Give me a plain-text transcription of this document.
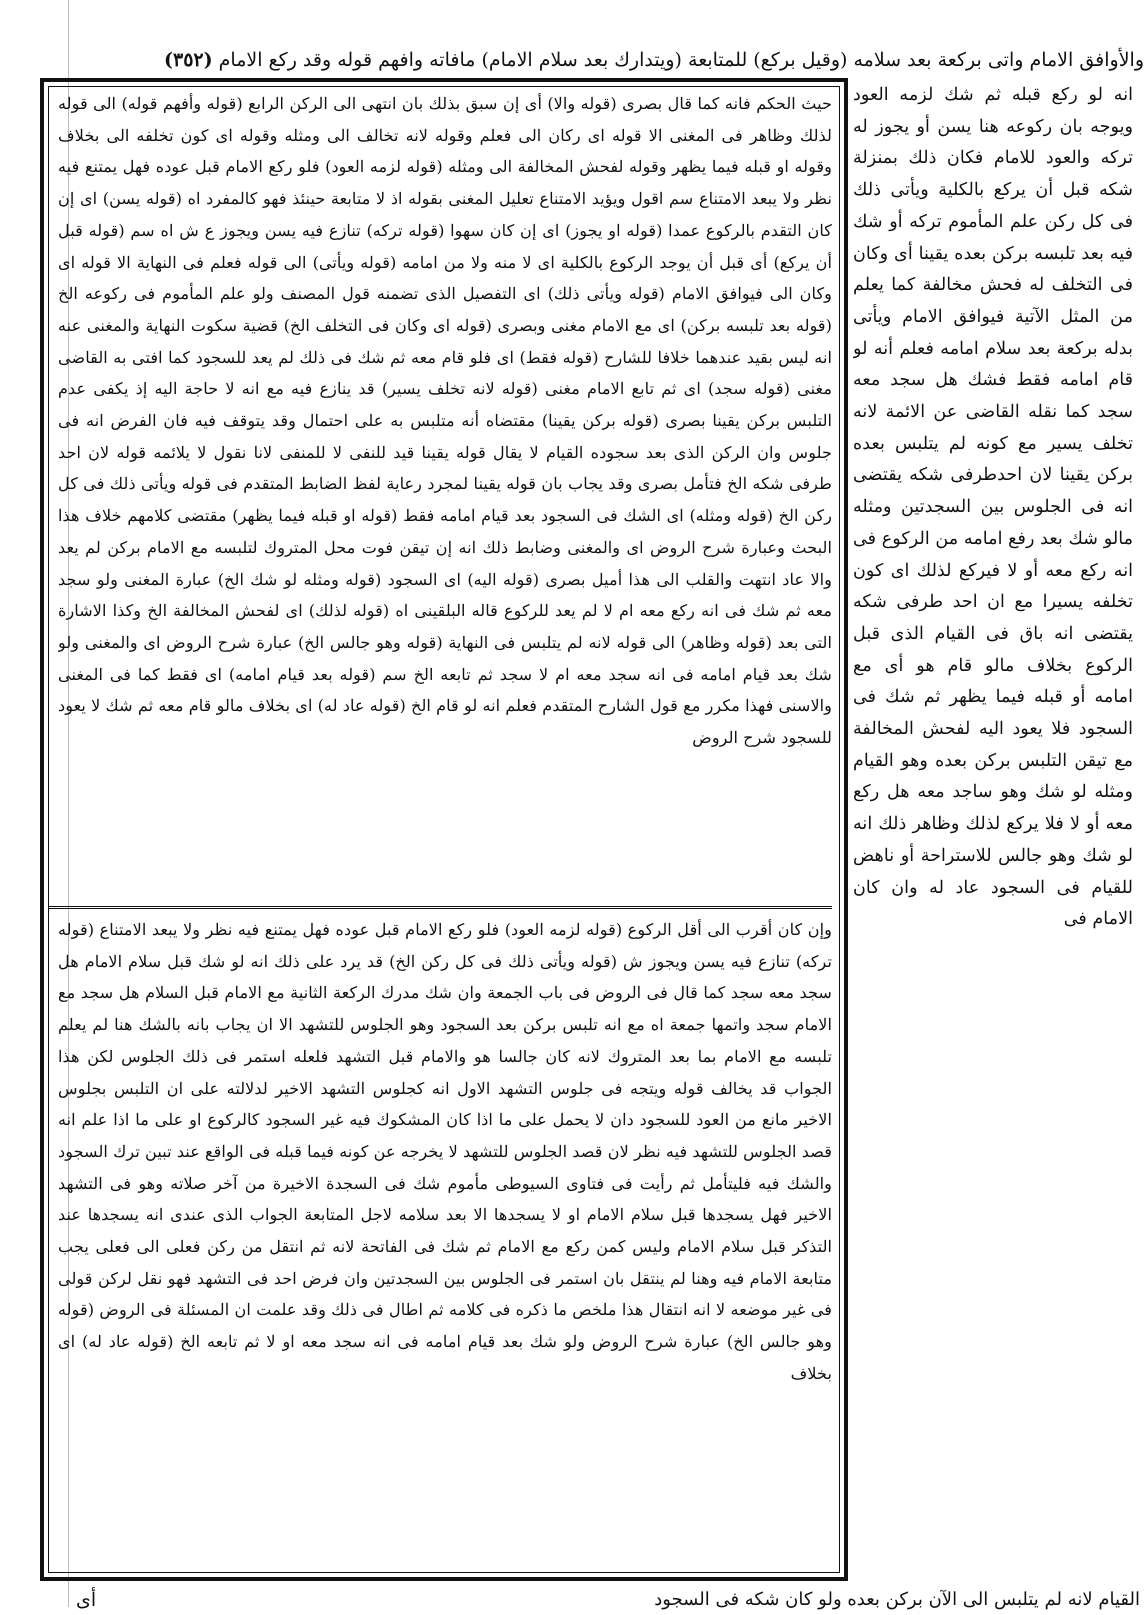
والأوافق الامام واتى بركعة بعد سلامه (وقيل بركع) للمتابعة (ويتدارك بعد سلام الامام) مافاته وافهم قوله وقد ركع الامام (٣٥٢)
حيث الحكم فانه كما قال بصرى (قوله والا) أى إن سبق بذلك بان انتهى الى الركن الرابع (قوله وأفهم قوله) الى قوله لذلك وظاهر فى المغنى الا قوله اى ركان الى فعلم وقوله لانه تخالف الى ومثله وقوله اى كون تخلفه الى بخلاف وقوله او قبله فيما يظهر وقوله لفحش المخالفة الى ومثله (قوله لزمه العود) فلو ركع الامام قبل عوده فهل يمتنع فيه نظر ولا يبعد الامتناع سم اقول ويؤيد الامتناع تعليل المغنى بقوله اذ لا متابعة حينئذ فهو كالمفرد اه (قوله يسن) اى إن كان التقدم بالركوع عمدا (قوله او يجوز) اى إن كان سهوا (قوله تركه) تنازع فيه يسن ويجوز ع ش اه سم (قوله قبل أن يركع) أى قبل أن يوجد الركوع بالكلية اى لا منه ولا من امامه (قوله ويأتى) الى قوله فعلم فى النهاية الا قوله اى وكان الى فيوافق الامام (قوله ويأتى ذلك) اى التفصيل الذى تضمنه قول المصنف ولو علم المأموم فى ركوعه الخ (قوله بعد تلبسه بركن) اى مع الامام مغنى وبصرى (قوله اى وكان فى التخلف الخ) قضية سكوت النهاية والمغنى عنه انه ليس بقيد عندهما خلافا للشارح (قوله فقط) اى فلو قام معه ثم شك فى ذلك لم يعد للسجود كما افتى به القاضى مغنى (قوله سجد) اى ثم تابع الامام مغنى (قوله لانه تخلف يسير) قد ينازع فيه مع انه لا حاجة اليه إذ يكفى عدم التلبس بركن يقينا بصرى (قوله بركن يقينا) مقتضاه أنه متلبس به على احتمال وقد يتوقف فيه فان الفرض انه فى جلوس وان الركن الذى بعد سجوده القيام لا يقال قوله يقينا قيد للنفى لا للمنفى لانا نقول لا يلائمه قوله لان احد طرفى شكه الخ فتأمل بصرى وقد يجاب بان قوله يقينا لمجرد رعاية لفظ الضابط المتقدم فى قوله ويأتى ذلك فى كل ركن الخ (قوله ومثله) اى الشك فى السجود بعد قيام امامه فقط (قوله او قبله فيما يظهر) مقتضى كلامهم خلاف هذا البحث وعبارة شرح الروض اى والمغنى وضابط ذلك انه إن تيقن فوت محل المتروك لتلبسه مع الامام بركن لم يعد والا عاد انتهت والقلب الى هذا أميل بصرى (قوله اليه) اى السجود (قوله ومثله لو شك الخ) عبارة المغنى ولو سجد معه ثم شك فى انه ركع معه ام لا لم يعد للركوع قاله البلقينى اه (قوله لذلك) اى لفحش المخالفة الخ وكذا الاشارة التى بعد (قوله وظاهر) الى قوله لانه لم يتلبس فى النهاية (قوله وهو جالس الخ) عبارة شرح الروض اى والمغنى ولو شك بعد قيام امامه فى انه سجد معه ام لا سجد ثم تابعه الخ سم (قوله بعد قيام امامه) اى فقط كما فى المغنى والاسنى فهذا مكرر مع قول الشارح المتقدم فعلم انه لو قام الخ (قوله عاد له) اى بخلاف مالو قام معه ثم شك لا يعود للسجود شرح الروض
وإن كان أقرب الى أقل الركوع (قوله لزمه العود) فلو ركع الامام قبل عوده فهل يمتنع فيه نظر ولا يبعد الامتناع (قوله تركه) تنازع فيه يسن ويجوز ش (قوله ويأتى ذلك فى كل ركن الخ) قد يرد على ذلك انه لو شك قبل سلام الامام هل سجد معه سجد كما قال فى الروض فى باب الجمعة وان شك مدرك الركعة الثانية مع الامام قبل السلام هل سجد مع الامام سجد واتمها جمعة اه مع انه تلبس بركن بعد السجود وهو الجلوس للتشهد الا ان يجاب بانه بالشك هنا لم يعلم تلبسه مع الامام بما بعد المتروك لانه كان جالسا هو والامام قبل التشهد فلعله استمر فى ذلك الجلوس لكن هذا الجواب قد يخالف قوله ويتجه فى جلوس التشهد الاول انه كجلوس التشهد الاخير لدلالته على ان التلبس بجلوس الاخير مانع من العود للسجود دان لا يحمل على ما اذا كان المشكوك فيه غير السجود كالركوع او على ما اذا علم انه قصد الجلوس للتشهد فيه نظر لان قصد الجلوس للتشهد لا يخرجه عن كونه فيما قبله فى الواقع عند تبين ترك السجود والشك فيه فليتأمل ثم رأيت فى فتاوى السيوطى مأموم شك فى السجدة الاخيرة من آخر صلاته وهو فى التشهد الاخير فهل يسجدها قبل سلام الامام او لا يسجدها الا بعد سلامه لاجل المتابعة الجواب الذى عندى انه يسجدها عند التذكر قبل سلام الامام وليس كمن ركع مع الامام ثم شك فى الفاتحة لانه ثم انتقل من ركن فعلى الى فعلى يجب متابعة الامام فيه وهنا لم ينتقل بان استمر فى الجلوس بين السجدتين وان فرض احد فى التشهد فهو نقل لركن قولى فى غير موضعه لا انه انتقال هذا ملخص ما ذكره فى كلامه ثم اطال فى ذلك وقد علمت ان المسئلة فى الروض (قوله وهو جالس الخ) عبارة شرح الروض ولو شك بعد قيام امامه فى انه سجد معه او لا ثم تابعه الخ (قوله عاد له) اى بخلاف
انه لو ركع قبله ثم شك لزمه العود ويوجه بان ركوعه هنا يسن أو يجوز له تركه والعود للامام فكان ذلك بمنزلة شكه قبل أن يركع بالكلية ويأتى ذلك فى كل ركن علم المأموم تركه أو شك فيه بعد تلبسه بركن بعده يقينا أى وكان فى التخلف له فحش مخالفة كما يعلم من المثل الآتية فيوافق الامام ويأتى بدله بركعة بعد سلام امامه فعلم أنه لو قام امامه فقط فشك هل سجد معه سجد كما نقله القاضى عن الائمة لانه تخلف يسير مع كونه لم يتلبس بعده بركن يقينا لان احدطرفى شكه يقتضى انه فى الجلوس بين السجدتين ومثله مالو شك بعد رفع امامه من الركوع فى انه ركع معه أو لا فيركع لذلك اى كون تخلفه يسيرا مع ان احد طرفى شكه يقتضى انه باق فى القيام الذى قبل الركوع بخلاف مالو قام هو أى مع امامه أو قبله فيما يظهر ثم شك فى السجود فلا يعود اليه لفحش المخالفة مع تيقن التلبس بركن بعده وهو القيام ومثله لو شك وهو ساجد معه هل ركع معه أو لا فلا يركع لذلك وظاهر ذلك انه لو شك وهو جالس للاستراحة أو ناهض للقيام فى السجود عاد له وان كان الامام فى
القيام لانه لم يتلبس الى الآن بركن بعده ولو كان شكه فى السجود
أى
